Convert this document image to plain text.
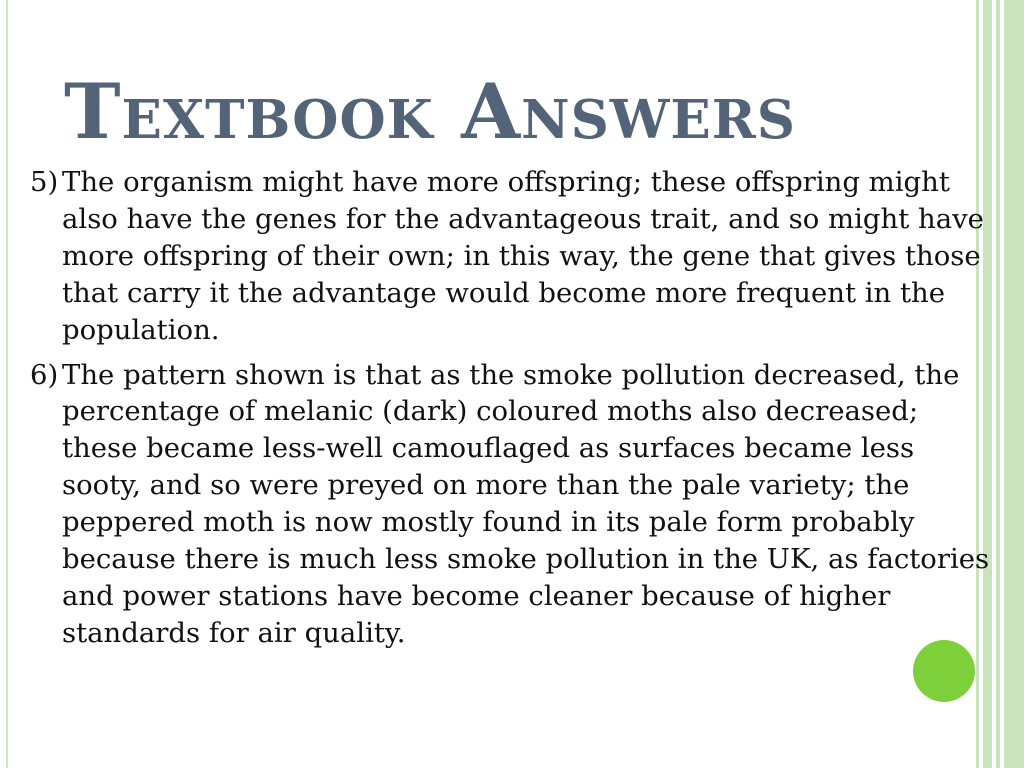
Textbook Answers

5) The organism might have more offspring; these offspring might also have the genes for the advantageous trait, and so might have more offspring of their own; in this way, the gene that gives those that carry it the advantage would become more frequent in the population.

6) The pattern shown is that as the smoke pollution decreased, the percentage of melanic (dark) coloured moths also decreased; these became less-well camouflaged as surfaces became less sooty, and so were preyed on more than the pale variety; the peppered moth is now mostly found in its pale form probably because there is much less smoke pollution in the UK, as factories and power stations have become cleaner because of higher standards for air quality.
